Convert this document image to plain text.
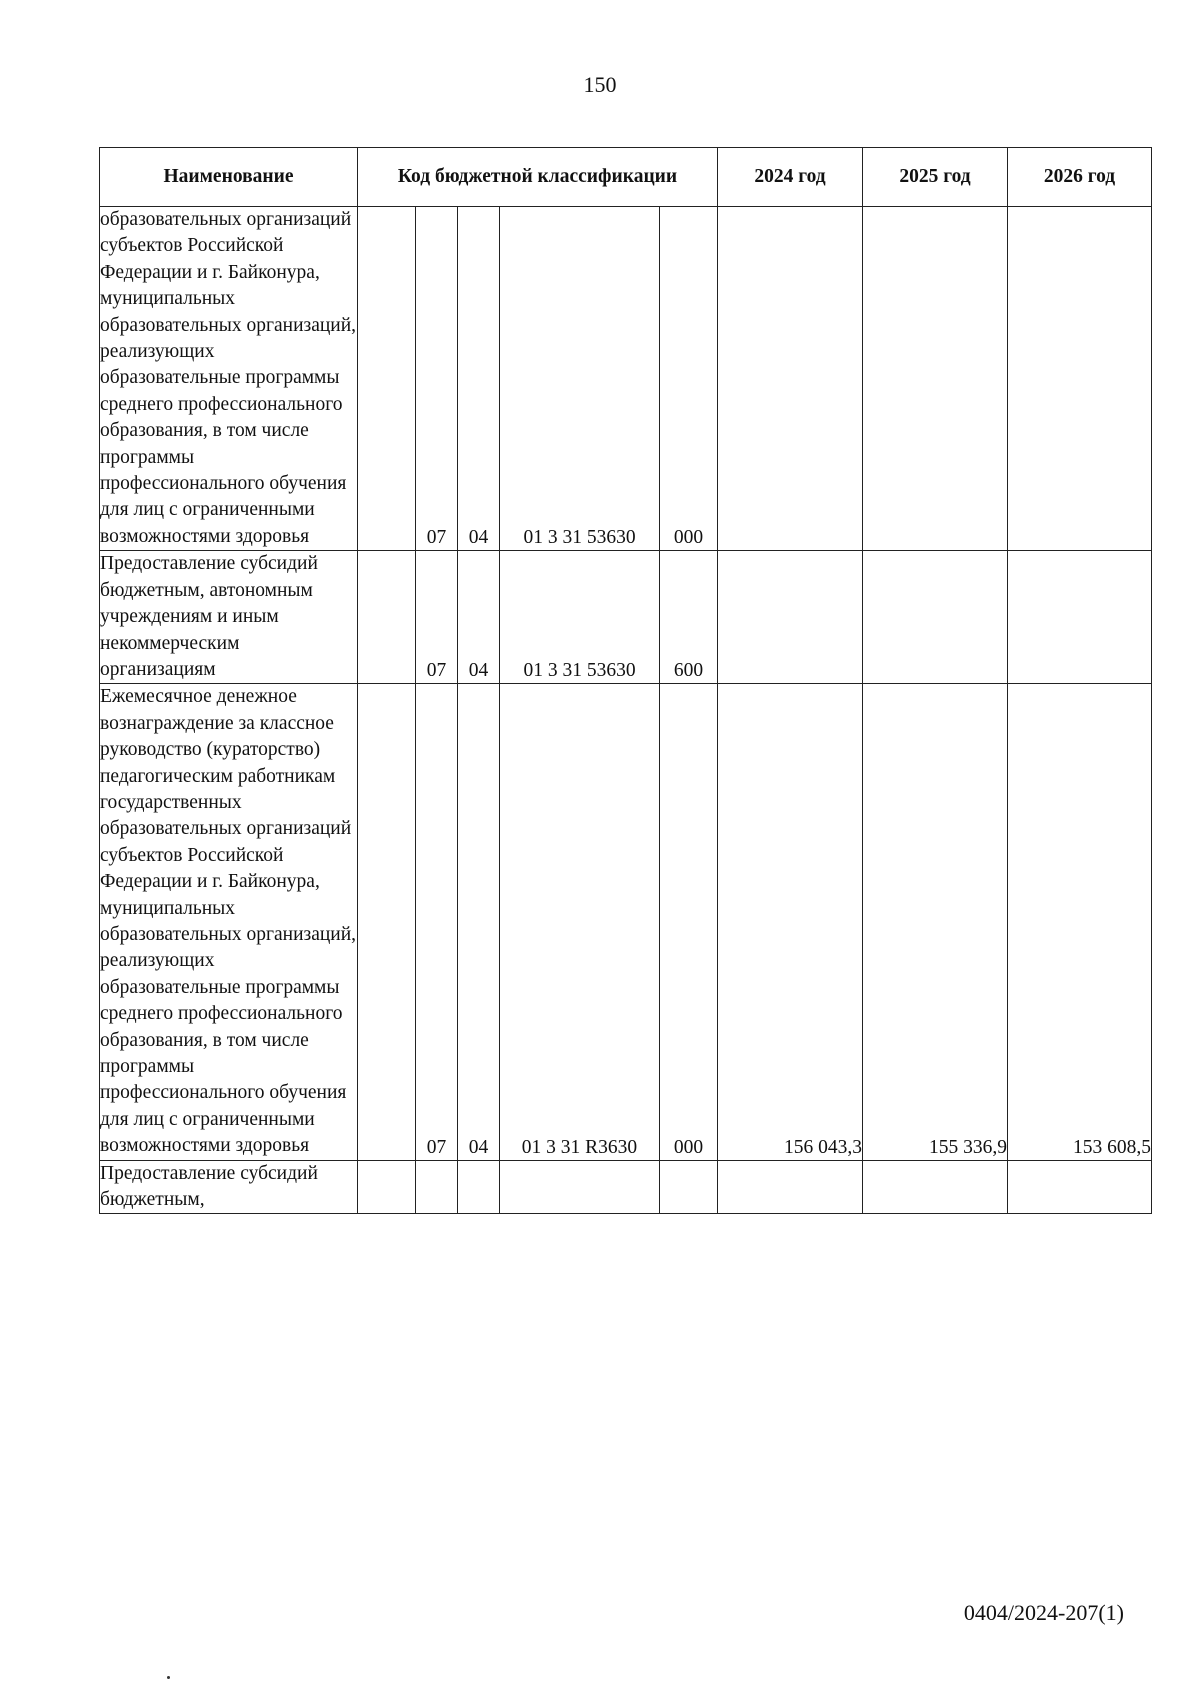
150
Наименование	Код бюджетной классификации					2024 год	2025 год	2026 год
образовательных организаций субъектов Российской Федерации и г. Байконура, муниципальных образовательных организаций, реализующих образовательные программы среднего профессионального образования, в том числе программы профессионального обучения для лиц с ограниченными возможностями здоровья		07	04	01 3 31 53630	000			
Предоставление субсидий бюджетным, автономным учреждениям и иным некоммерческим организациям		07	04	01 3 31 53630	600			
Ежемесячное денежное вознаграждение за классное руководство (кураторство) педагогическим работникам государственных образовательных организаций субъектов Российской Федерации и г. Байконура, муниципальных образовательных организаций, реализующих образовательные программы среднего профессионального образования, в том числе программы профессионального обучения для лиц с ограниченными возможностями здоровья		07	04	01 3 31 R3630	000	156 043,3	155 336,9	153 608,5
Предоставление субсидий бюджетным,								
0404/2024-207(1)
